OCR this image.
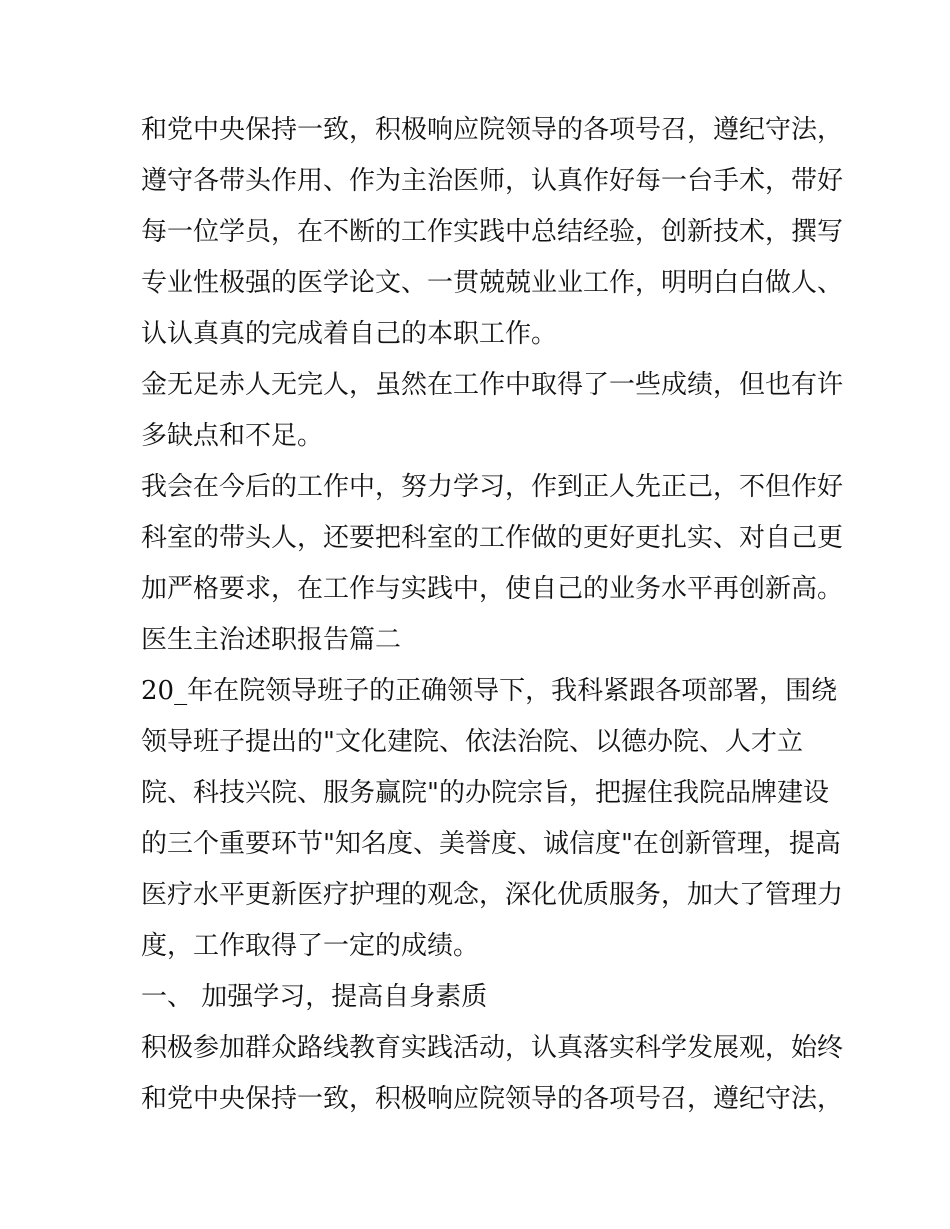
和党中央保持一致，积极响应院领导的各项号召，遵纪守法，
遵守各带头作用、作为主治医师，认真作好每一台手术，带好
每一位学员，在不断的工作实践中总结经验，创新技术，撰写
专业性极强的医学论文、一贯兢兢业业工作，明明白白做人、
认认真真的完成着自己的本职工作。
金无足赤人无完人，虽然在工作中取得了一些成绩，但也有许
多缺点和不足。
我会在今后的工作中，努力学习，作到正人先正己，不但作好
科室的带头人，还要把科室的工作做的更好更扎实、对自己更
加严格要求，在工作与实践中，使自己的业务水平再创新高。
医生主治述职报告篇二
20_年在院领导班子的正确领导下，我科紧跟各项部署，围绕
领导班子提出的"文化建院、依法治院、以德办院、人才立
院、科技兴院、服务赢院"的办院宗旨，把握住我院品牌建设
的三个重要环节"知名度、美誉度、诚信度"在创新管理，提高
医疗水平更新医疗护理的观念，深化优质服务，加大了管理力
度，工作取得了一定的成绩。
一、 加强学习，提高自身素质
积极参加群众路线教育实践活动，认真落实科学发展观，始终
和党中央保持一致，积极响应院领导的各项号召，遵纪守法，
